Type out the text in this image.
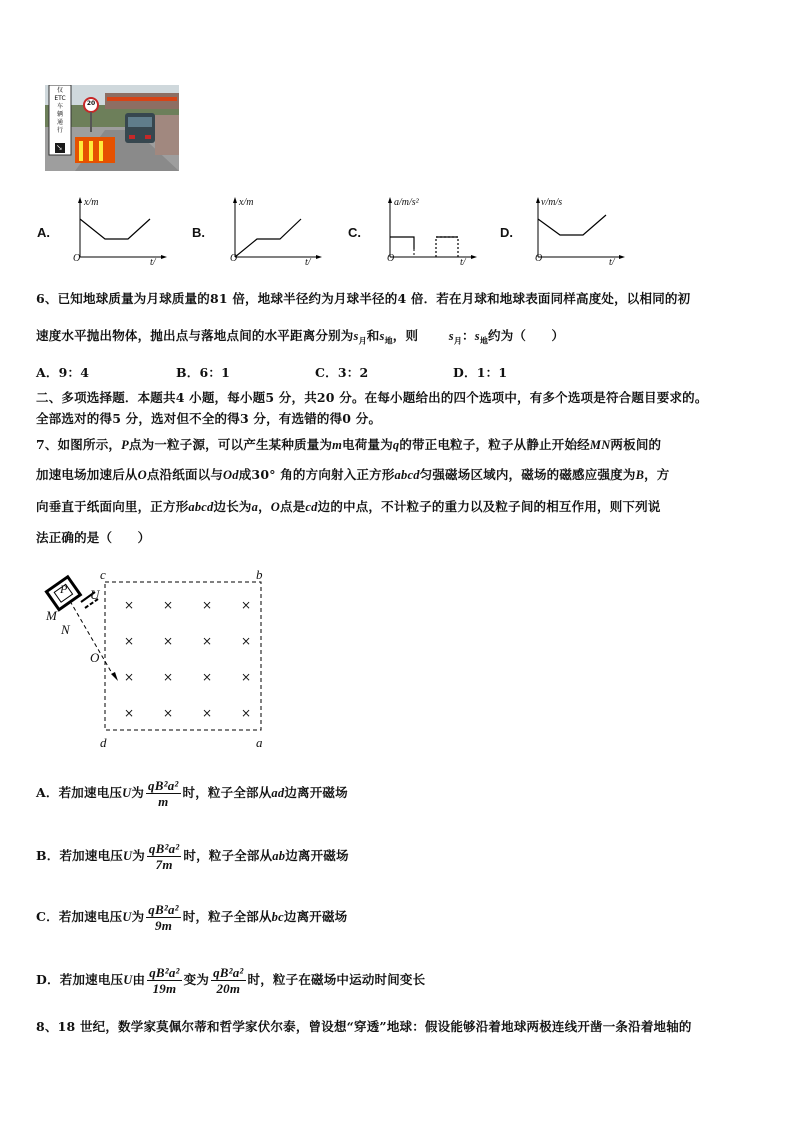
仅
ETC
车
辆
通
行
20
↘
A.
x/m
O	t/
B.
x/m
O	t/
C.
a/m/s²
O	t/
D.
v/m/s
O	t/
6、已知地球质量为月球质量的81 倍，地球半径约为月球半径的4 倍．若在月球和地球表面同样高度处，以相同的初
速度水平抛出物体，抛出点与落地点间的水平距离分别为$s_月$和$s_地$，则 $s_月$：$s_地$约为（　　）
A．9：4	B．6：1	C．3：2	D．1：1
二、多项选择题．本题共4 小题，每小题5 分，共20 分。在每小题给出的四个选项中，有多个选项是符合题目要求的。
全部选对的得5 分，选对但不全的得3 分，有选错的得0 分。
7、如图所示，P点为一粒子源，可以产生某种质量为m电荷量为q的带正电粒子，粒子从静止开始经MN两板间的
加速电场加速后从O点沿纸面以与Od成30° 角的方向射入正方形abcd匀强磁场区域内，磁场的磁感应强度为B，方
向垂直于纸面向里，正方形abcd边长为a，O点是cd边的中点，不计粒子的重力以及粒子间的相互作用，则下列说
法正确的是（　　）
c	b
d	a
P U
M
N
O
× × × ×
× × × ×
× × × ×
× × × ×
A．若加速电压 U 为 $\frac{\text{qB²a²}}{m}$ 时，粒子全部从 ad 边离开磁场
B．若加速电压 U 为 $\frac{\text{qB²a²}}{7m}$ 时，粒子全部从 ab 边离开磁场
C．若加速电压 U 为 $\frac{\text{qB²a²}}{9m}$ 时，粒子全部从 bc 边离开磁场
D．若加速电压 U 由 $\frac{\text{qB²a²}}{19m}$ 变为 $\frac{\text{qB²a²}}{20m}$ 时，粒子在磁场中运动时间变长
8、18 世纪，数学家莫佩尔蒂和哲学家伏尔泰，曾设想“穿透”地球：假设能够沿着地球两极连线开凿一条沿着地轴的
